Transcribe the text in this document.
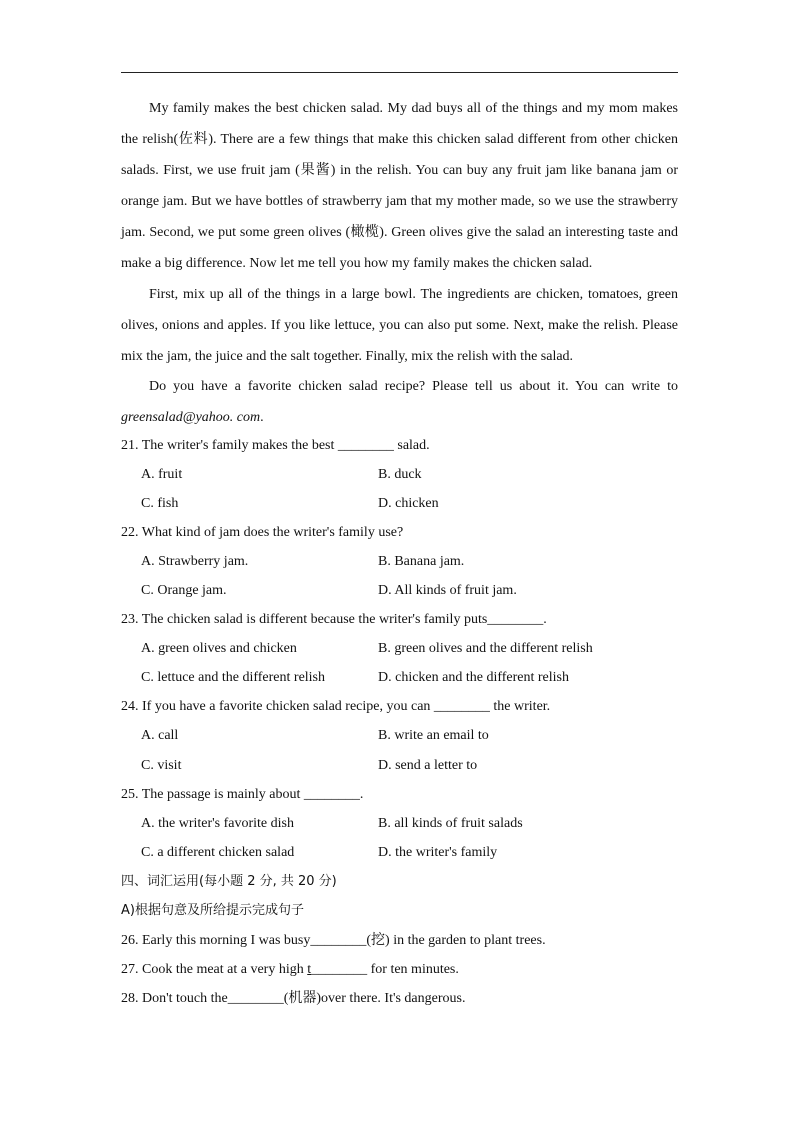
My family makes the best chicken salad. My dad buys all of the things and my mom makes the relish(佐料). There are a few things that make this chicken salad different from other chicken salads. First, we use fruit jam (果酱) in the relish. You can buy any fruit jam like banana jam or orange jam. But we have bottles of strawberry jam that my mother made, so we use the strawberry jam. Second, we put some green olives (橄榄). Green olives give the salad an interesting taste and make a big difference. Now let me tell you how my family makes the chicken salad.

First, mix up all of the things in a large bowl. The ingredients are chicken, tomatoes, green olives, onions and apples. If you like lettuce, you can also put some. Next, make the relish. Please mix the jam, the juice and the salt together. Finally, mix the relish with the salad.

Do you have a favorite chicken salad recipe? Please tell us about it. You can write to greensalad@yahoo. com.

21. The writer's family makes the best ________ salad.
A. fruit	B. duck
C. fish	D. chicken
22. What kind of jam does the writer's family use?
A. Strawberry jam.	B. Banana jam.
C. Orange jam.	D. All kinds of fruit jam.
23. The chicken salad is different because the writer's family puts________.
A. green olives and chicken	B. green olives and the different relish
C. lettuce and the different relish	D. chicken and the different relish
24. If you have a favorite chicken salad recipe, you can ________ the writer.
A. call	B. write an email to
C. visit	D. send a letter to
25. The passage is mainly about ________.
A. the writer's favorite dish	B. all kinds of fruit salads
C. a different chicken salad	D. the writer's family
四、词汇运用(每小题 2 分, 共 20 分)
A)根据句意及所给提示完成句子
26. Early this morning I was busy________(挖) in the garden to plant trees.
27. Cook the meat at a very high t________ for ten minutes.
28. Don't touch the________(机器)over there. It's dangerous.
